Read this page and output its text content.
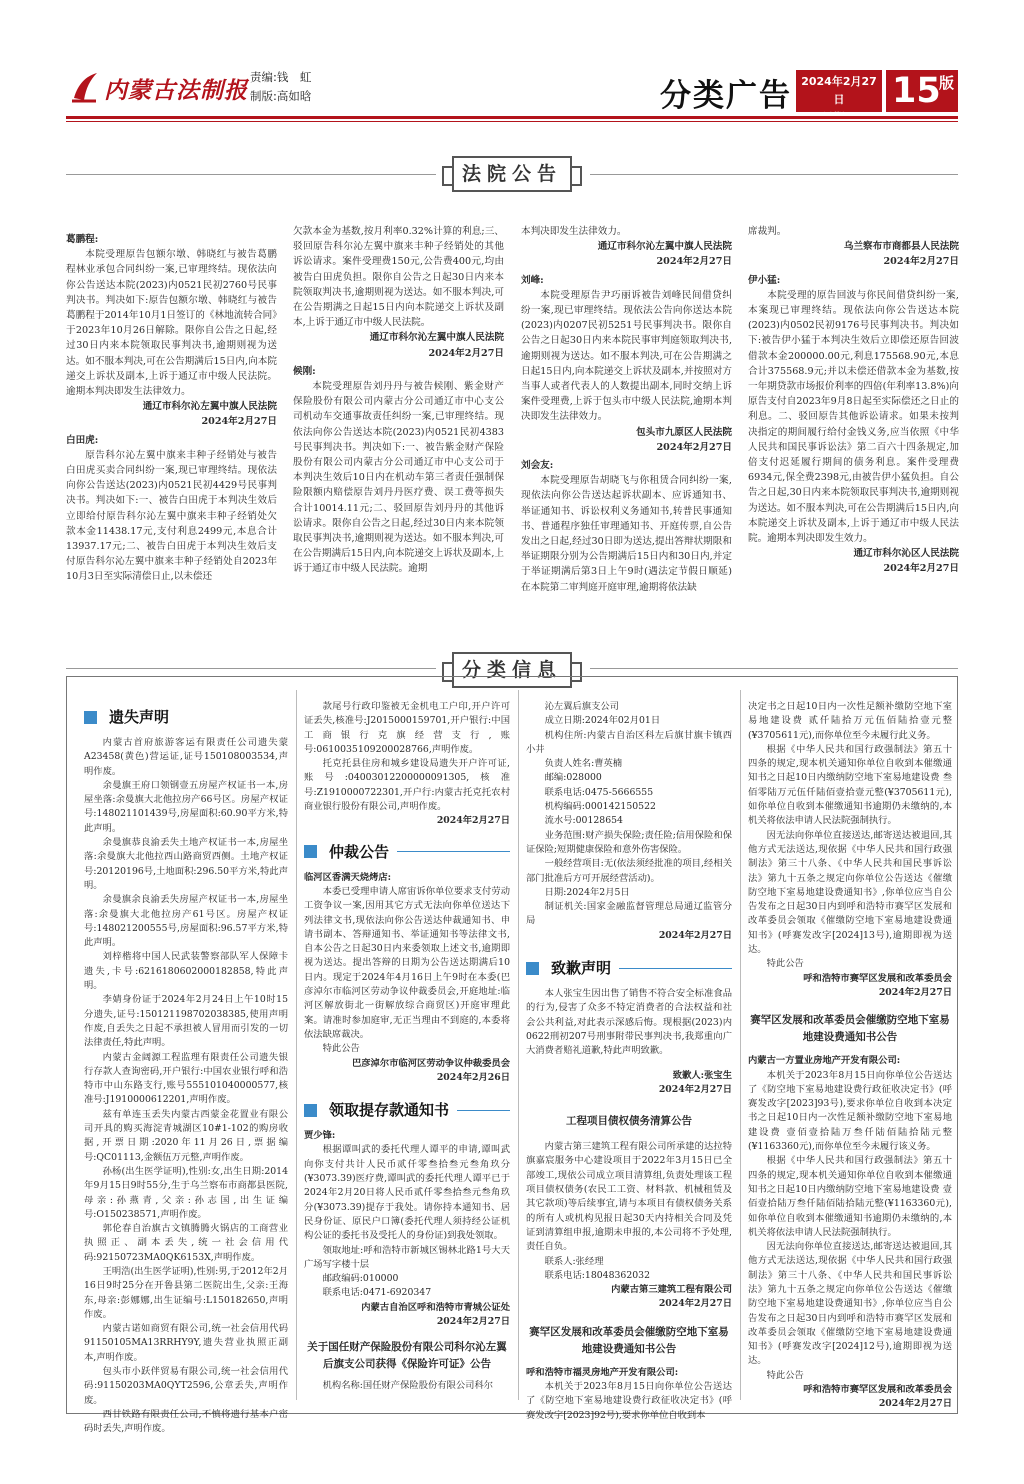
内蒙古法制报 责编:钱　虹
制版:高如晗	分类广告 2024年2月27日	15
版
法院公告
葛鹏程:
本院受理原告包额尔墩、韩晓红与被告葛鹏程林业承包合同纠纷一案,已审理终结。现依法向你公告送达本院(2023)内0521民初2760号民事判决书。判决如下:原告包额尔墩、韩晓红与被告葛鹏程于2014年10月1日签订的《林地流转合同》于2023年10月26日解除。限你自公告之日起,经过30日内来本院领取民事判决书,逾期则视为送达。如不服本判决,可在公告期满后15日内,向本院递交上诉状及副本,上诉于通辽市中级人民法院。逾期本判决即发生法律效力。
通辽市科尔沁左翼中旗人民法院
2024年2月27日
白田虎:
原告科尔沁左翼中旗来丰种子经销处与被告白田虎买卖合同纠纷一案,现已审理终结。现依法向你公告送达(2023)内0521民初4429号民事判决书。判决如下:一、被告白田虎于本判决生效后立即给付原告科尔沁左翼中旗来丰种子经销处欠款本金11438.17元,支付利息2499元,本息合计13937.17元;二、被告白田虎于本判决生效后支付原告科尔沁左翼中旗来丰种子经销处自2023年10月3日至实际清偿日止,以未偿还
欠款本金为基数,按月利率0.32%计算的利息;三、驳回原告科尔沁左翼中旗来丰种子经销处的其他诉讼请求。案件受理费150元,公告费400元,均由被告白田虎负担。限你自公告之日起30日内来本院领取判决书,逾期则视为送达。如不服本判决,可在公告期满之日起15日内向本院递交上诉状及副本,上诉于通辽市中级人民法院。
通辽市科尔沁左翼中旗人民法院
2024年2月27日
候刚:
本院受理原告刘丹丹与被告候刚、紫金财产保险股份有限公司内蒙古分公司通辽市中心支公司机动车交通事故责任纠纷一案,已审理终结。现依法向你公告送达本院(2023)内0521民初4383号民事判决书。判决如下:一、被告紫金财产保险股份有限公司内蒙古分公司通辽市中心支公司于本判决生效后10日内在机动车第三者责任强制保险限额内赔偿原告刘丹丹医疗费、误工费等损失合计10014.11元;二、驳回原告刘丹丹的其他诉讼请求。限你自公告之日起,经过30日内来本院领取民事判决书,逾期则视为送达。如不服本判决,可在公告期满后15日内,向本院递交上诉状及副本,上诉于通辽市中级人民法院。逾期
本判决即发生法律效力。
通辽市科尔沁左翼中旗人民法院
2024年2月27日
刘峰:
本院受理原告尹巧丽诉被告刘峰民间借贷纠纷一案,现已审理终结。现依法公告向你送达本院(2023)内0207民初5251号民事判决书。限你自公告之日起30日内来本院民事审判庭领取判决书,逾期则视为送达。如不服本判决,可在公告期满之日起15日内,向本院递交上诉状及副本,并按照对方当事人或者代表人的人数提出副本,同时交纳上诉案件受理费,上诉于包头市中级人民法院,逾期本判决即发生法律效力。
包头市九原区人民法院
2024年2月27日
刘会友:
本院受理原告胡晓飞与你租赁合同纠纷一案,现依法向你公告送达起诉状副本、应诉通知书、举证通知书、诉讼权利义务通知书,转普民事通知书、普通程序独任审理通知书、开庭传票,自公告发出之日起,经过30日即为送达,提出答辩状期限和举证期限分别为公告期满后15日内和30日内,并定于举证期满后第3日上午9时(遇法定节假日顺延)在本院第二审判庭开庭审理,逾期将依法缺
席裁判。
乌兰察布市商都县人民法院
2024年2月27日
伊小猛:
本院受理的原告回波与你民间借贷纠纷一案,本案现已审理终结。现依法向你公告送达本院(2023)内0502民初9176号民事判决书。判决如下:被告伊小猛于本判决生效后立即偿还原告回波借款本金200000.00元,利息175568.90元,本息合计375568.9元;并以未偿还借款本金为基数,按一年期贷款市场报价利率的四倍(年利率13.8%)向原告支付自2023年9月8日起至实际偿还之日止的利息。二、驳回原告其他诉讼请求。如果未按判决指定的期间履行给付金钱义务,应当依照《中华人民共和国民事诉讼法》第二百六十四条规定,加倍支付迟延履行期间的债务利息。案件受理费6934元,保全费2398元,由被告伊小猛负担。自公告之日起,30日内来本院领取民事判决书,逾期则视为送达。如不服本判决,可在公告期满后15日内,向本院递交上诉状及副本,上诉于通辽市中级人民法院。逾期本判决即发生效力。
通辽市科尔沁区人民法院
2024年2月27日
分类信息
遗失声明
内蒙古首府旅游客运有限责任公司遗失蒙A23458(黄色)营运证,证号150108003534,声明作废。
余曼旗王府口领钢壹五房屋产权证书一本,房屋坐落:余曼旗大北他拉房产66号区。房屋产权证号:148021101439号,房屋面积:60.90平方米,特此声明。
余曼旗恭良渝丢失土地产权证书一本,房屋坐落:余曼旗大北他拉西山路商贸西侧。土地产权证号:20120196号,土地面积:296.50平方米,特此声明。
余曼旗余良渝丢失房屋产权证书一本,房屋坐落:余曼旗大北他拉房产61号区。房屋产权证号:148021200555号,房屋面积:96.57平方米,特此声明。
刘梓楷将中国人民武装警察部队军人保障卡遗失,卡号:6216180602000182858,特此声明。
李婧身份证于2024年2月24日上午10时15分遗失,证号:150121198702038385,使用声明作废,自丢失之日起不承担被人冒用而引发的一切法律责任,特此声明。
内蒙古金阔源工程监理有限责任公司遗失银行存款人查询密码,开户银行:中国农业银行呼和浩特市中山东路支行,账号555101040000577,核准号:J1910000612201,声明作废。
兹有单连玉丢失内蒙古西蒙金花置业有限公司开具的购买海淀青城湖区10#1-102的购房收据,开票日期:2020年11月26日,票据编号:QC01113,金额伍万元整,声明作废。
孙杨(出生医学证明),性别:女,出生日期:2014年9月15日9时55分,生于乌兰察布市商都县医院,母亲:孙燕青,父亲:孙志国,出生证编号:O150238571,声明作废。
郭伦春自治旗古文镇腾腾火锅店的工商营业执照正、副本丢失,统一社会信用代码:92150723MA0QK6153X,声明作废。
王明浩(出生医学证明),性别:男,于2012年2月16日9时25分在开鲁县第二医院出生,父亲:王海东,母亲:彭娜娜,出生证编号:L150182650,声明作废。
内蒙古诺如商贸有限公司,统一社会信用代码91150105MA13RRHY9Y,遗失营业执照正副本,声明作废。
包头市小跃伴贸易有限公司,统一社会信用代码:91150203MA0QYT2596,公章丢失,声明作废。
西甘铁路有限责任公司,不慎将遗行基本户密码时丢失,声明作废。
款尾号行政印鉴被无金机电工户印,开户许可证丢失,核准号:J2015000159701,开户银行:中国工商银行克旗经营支行,账号:0610035109200028766,声明作废。
托克托县住房和城乡建设局遗失开户许可证,账号:04003012200000091305,核准号:Z1910000722301,开户行:内蒙古托克托农村商业银行股份有限公司,声明作废。
2024年2月27日
仲裁公告
临河区香满天烧烤店:
本委已受理申请人席宙诉你单位要求支付劳动工资争议一案,因用其它方式无法向你单位送达下列法律文书,现依法向你公告送达仲裁通知书、申请书副本、答辩通知书、举证通知书等法律文书,自本公告之日起30日内来委领取上述文书,逾期即视为送达。提出答辩的日期为公告送达期满后10日内。现定于2024年4月16日上午9时在本委(巴彦淖尔市临河区劳动争议仲裁委员会,开庭地址:临河区解放街北一街解放综合商贸区)开庭审理此案。请准时参加庭审,无正当理由不到庭的,本委将依法缺席裁决。
特此公告
巴彦淖尔市临河区劳动争议仲裁委员会
2024年2月26日
领取提存款通知书
贾少锋:
根据谭叫武的委托代理人谭平的申请,谭叫武向你支付共计人民币贰仟零叁拾叁元叁角玖分(¥3073.39)医疗费,谭叫武的委托代理人谭平已于2024年2月20日将人民币贰仟零叁拾叁元叁角玖分(¥3073.39)提存于我处。请你持本通知书、居民身份证、原民户口簿(委托代理人须持经公证机构公证的委托书及受托人的身份证)到我处领取。
领取地址:呼和浩特市新城区锡林北路1号大天广场写字楼十层
邮政编码:010000
联系电话:0471-6920347
内蒙古自治区呼和浩特市青城公证处
2024年2月27日
关于国任财产保险股份有限公司科尔沁左翼后旗支公司获得《保险许可证》公告
机构名称:国任财产保险股份有限公司科尔
沁左翼后旗支公司
成立日期:2024年02月01日
机构住所:内蒙古自治区科左后旗甘旗卡镇西小井
负责人姓名:曹英楠
邮编:028000
联系电话:0475-5666555
机构编码:000142150522
流水号:00128654
业务范围:财产损失保险;责任险;信用保险和保证保险;短期健康保险和意外伤害保险。
一般经营项目:无(依法须经批准的项目,经相关部门批准后方可开展经营活动)。
日期:2024年2月5日
制证机关:国家金融监督管理总局通辽监管分局
2024年2月27日
致歉声明
本人张宝生因出售了销售不符合安全标准食品的行为,侵害了众多不特定消费者的合法权益和社会公共利益,对此表示深感后悔。现根据(2023)内0622刑初207号刑事附带民事判决书,我郑重向广大消费者赔礼道歉,特此声明致歉。
致歉人:张宝生
2024年2月27日
工程项目债权债务清算公告
内蒙古第三建筑工程有限公司所承建的达拉特旗嘉宸服务中心建设项目于2022年3月15日已全部竣工,现依公司成立项目清算组,负责处理该工程项目债权债务(农民工工资、材料款、机械租赁及其它款项)等后续事宜,请与本项目有债权债务关系的所有人或机构见报日起30天内持相关合同及凭证到清算组申报,逾期未申报的,本公司将不予处理,责任自负。
联系人:张经理
联系电话:18048362032
内蒙古第三建筑工程有限公司
2024年2月27日
赛罕区发展和改革委员会催缴防空地下室易地建设费通知书公告
呼和浩特市福灵房地产开发有限公司:
本机关于2023年8月15日向你单位公告送达了《防空地下室易地建设费行政征收决定书》(呼赛发改字[2023]92号),要求你单位自收到本
决定书之日起10日内一次性足额补缴防空地下室易地建设费 贰仟陆拾万元伍佰陆拾壹元整(¥3705611元),而你单位至今未履行此义务。
根据《中华人民共和国行政强制法》第五十四条的规定,现本机关通知你单位自收到本催缴通知书之日起10日内缴纳防空地下室易地建设费 叁佰零陆万元伍仟陆佰壹拾壹元整(¥3705611元),如你单位自收到本催缴通知书逾期仍未缴纳的,本机关将依法申请人民法院强制执行。
因无法向你单位直接送达,邮寄送达被退回,其他方式无法送达,现依据《中华人民共和国行政强制法》第三十八条、《中华人民共和国民事诉讼法》第九十五条之规定向你单位公告送达《催缴防空地下室易地建设费通知书》,你单位应当自公告发布之日起30日内到呼和浩特市赛罕区发展和改革委员会领取《催缴防空地下室易地建设费通知书》(呼赛发改字[2024]13号),逾期即视为送达。
特此公告
呼和浩特市赛罕区发展和改革委员会
2024年2月27日
赛罕区发展和改革委员会催缴防空地下室易地建设费通知书公告
内蒙古一方置业房地产开发有限公司:
本机关于2023年8月15日向你单位公告送达了《防空地下室易地建设费行政征收决定书》(呼赛发改字[2023]93号),要求你单位自收到本决定书之日起10日内一次性足额补缴防空地下室易地建设费 壹佰壹拾陆万叁仟陆佰陆拾陆元整(¥1163360元),而你单位至今未履行该义务。
根据《中华人民共和国行政强制法》第五十四条的规定,现本机关通知你单位自收到本催缴通知书之日起10日内缴纳防空地下室易地建设费 壹佰壹拾陆万叁仟陆佰陆拾陆元整(¥1163360元),如你单位自收到本催缴通知书逾期仍未缴纳的,本机关将依法申请人民法院强制执行。
因无法向你单位直接送达,邮寄送达被退回,其他方式无法送达,现依据《中华人民共和国行政强制法》第三十八条、《中华人民共和国民事诉讼法》第九十五条之规定向你单位公告送达《催缴防空地下室易地建设费通知书》,你单位应当自公告发布之日起30日内到呼和浩特市赛罕区发展和改革委员会领取《催缴防空地下室易地建设费通知书》(呼赛发改字[2024]12号),逾期即视为送达。
特此公告
呼和浩特市赛罕区发展和改革委员会
2024年2月27日
